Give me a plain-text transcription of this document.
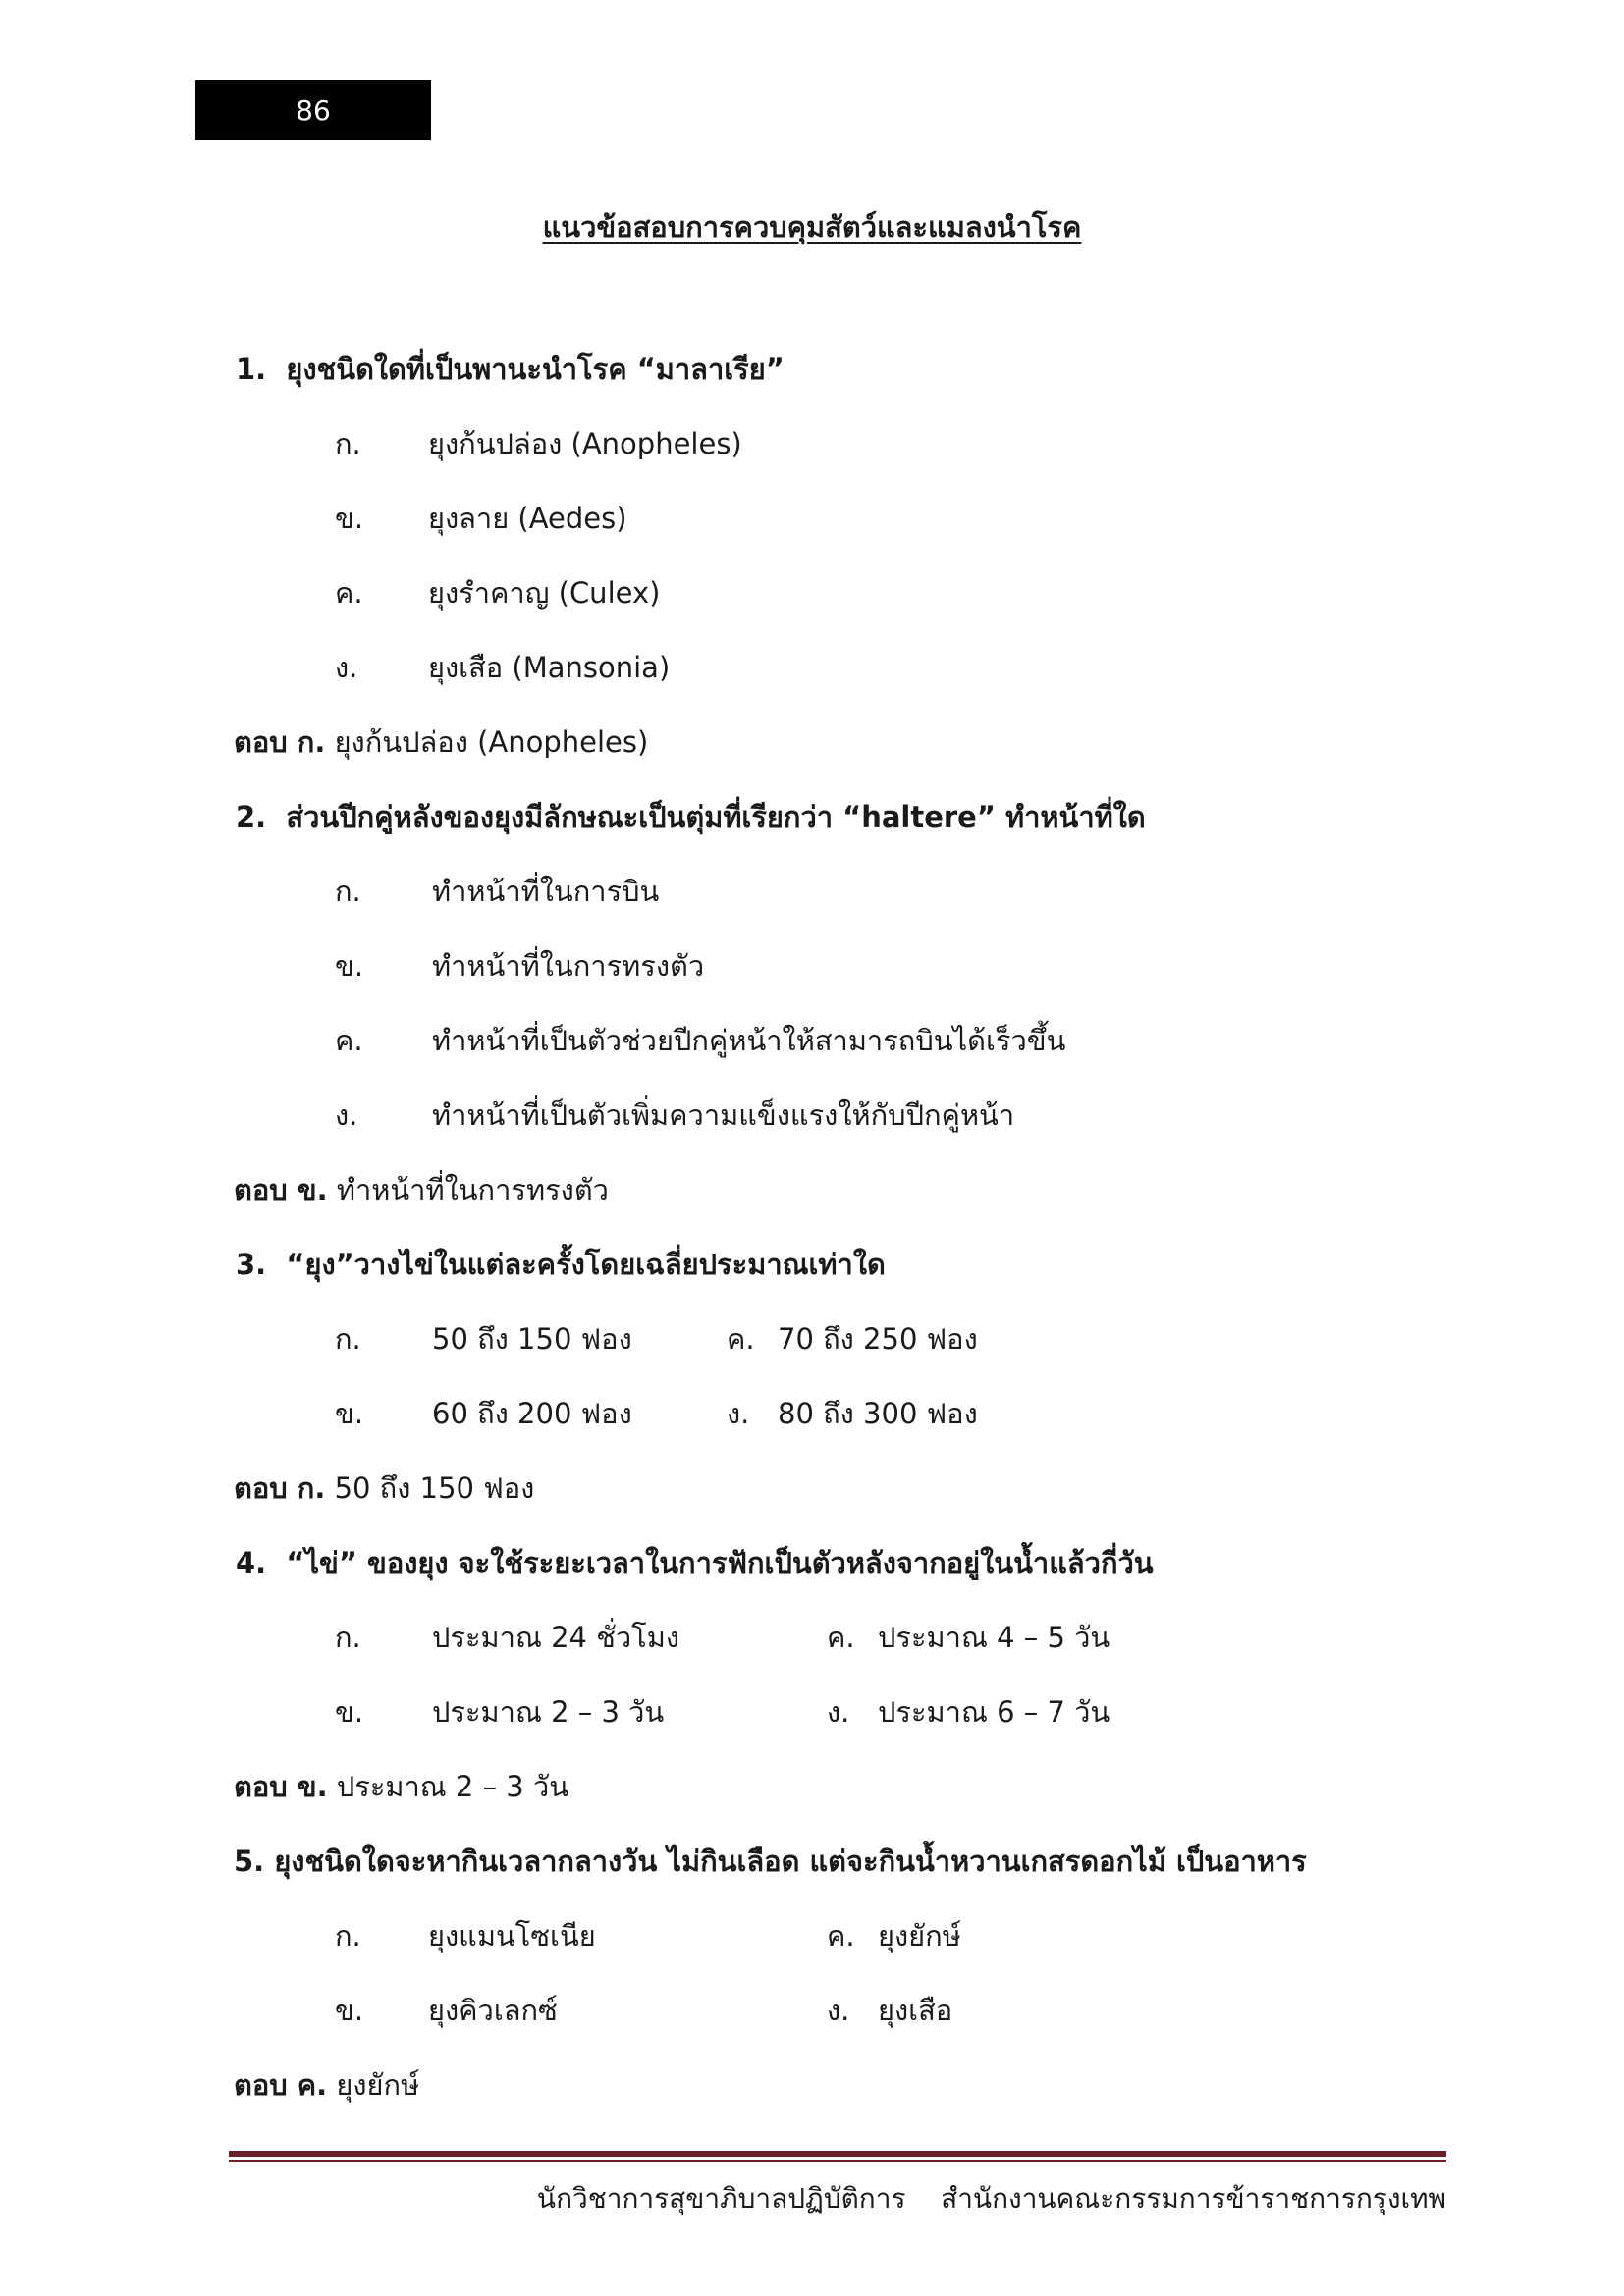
86
แนวข้อสอบการควบคุมสัตว์และแมลงนำโรค
1. ยุงชนิดใดที่เป็นพานะนำโรค “มาลาเรีย”
ก. ยุงก้นปล่อง (Anopheles)
ข. ยุงลาย (Aedes)
ค. ยุงรำคาญ (Culex)
ง. ยุงเสือ (Mansonia)
ตอบ ก. ยุงก้นปล่อง (Anopheles)
2. ส่วนปีกคู่หลังของยุงมีลักษณะเป็นตุ่มที่เรียกว่า “haltere” ทำหน้าที่ใด
ก. ทำหน้าที่ในการบิน
ข. ทำหน้าที่ในการทรงตัว
ค. ทำหน้าที่เป็นตัวช่วยปีกคู่หน้าให้สามารถบินได้เร็วขึ้น
ง.	ทำหน้าที่เป็นตัวเพิ่มความแข็งแรงให้กับปีกคู่หน้า
ตอบ ข. ทำหน้าที่ในการทรงตัว
3. “ยุง”วางไข่ในแต่ละครั้งโดยเฉลี่ยประมาณเท่าใด
ก. 50 ถึง 150 ฟอง	ค. 70 ถึง 250 ฟอง
ข. 60 ถึง 200 ฟอง	ง. 80 ถึง 300 ฟอง
ตอบ ก. 50 ถึง 150 ฟอง
4. “ไข่” ของยุง จะใช้ระยะเวลาในการฟักเป็นตัวหลังจากอยู่ในน้ำแล้วกี่วัน
ก. ประมาณ 24 ชั่วโมง	ค. ประมาณ 4 – 5 วัน
ข. ประมาณ 2 – 3 วัน	ง. ประมาณ 6 – 7 วัน
ตอบ ข. ประมาณ 2 – 3 วัน
5. ยุงชนิดใดจะหากินเวลากลางวัน ไม่กินเลือด แต่จะกินน้ำหวานเกสรดอกไม้ เป็นอาหาร
ก. ยุงแมนโซเนีย	ค. ยุงยักษ์
ข. ยุงคิวเลกซ์	ง. ยุงเสือ
ตอบ ค. ยุงยักษ์
นักวิชาการสุขาภิบาลปฏิบัติการ สำนักงานคณะกรรมการข้าราชการกรุงเทพ
